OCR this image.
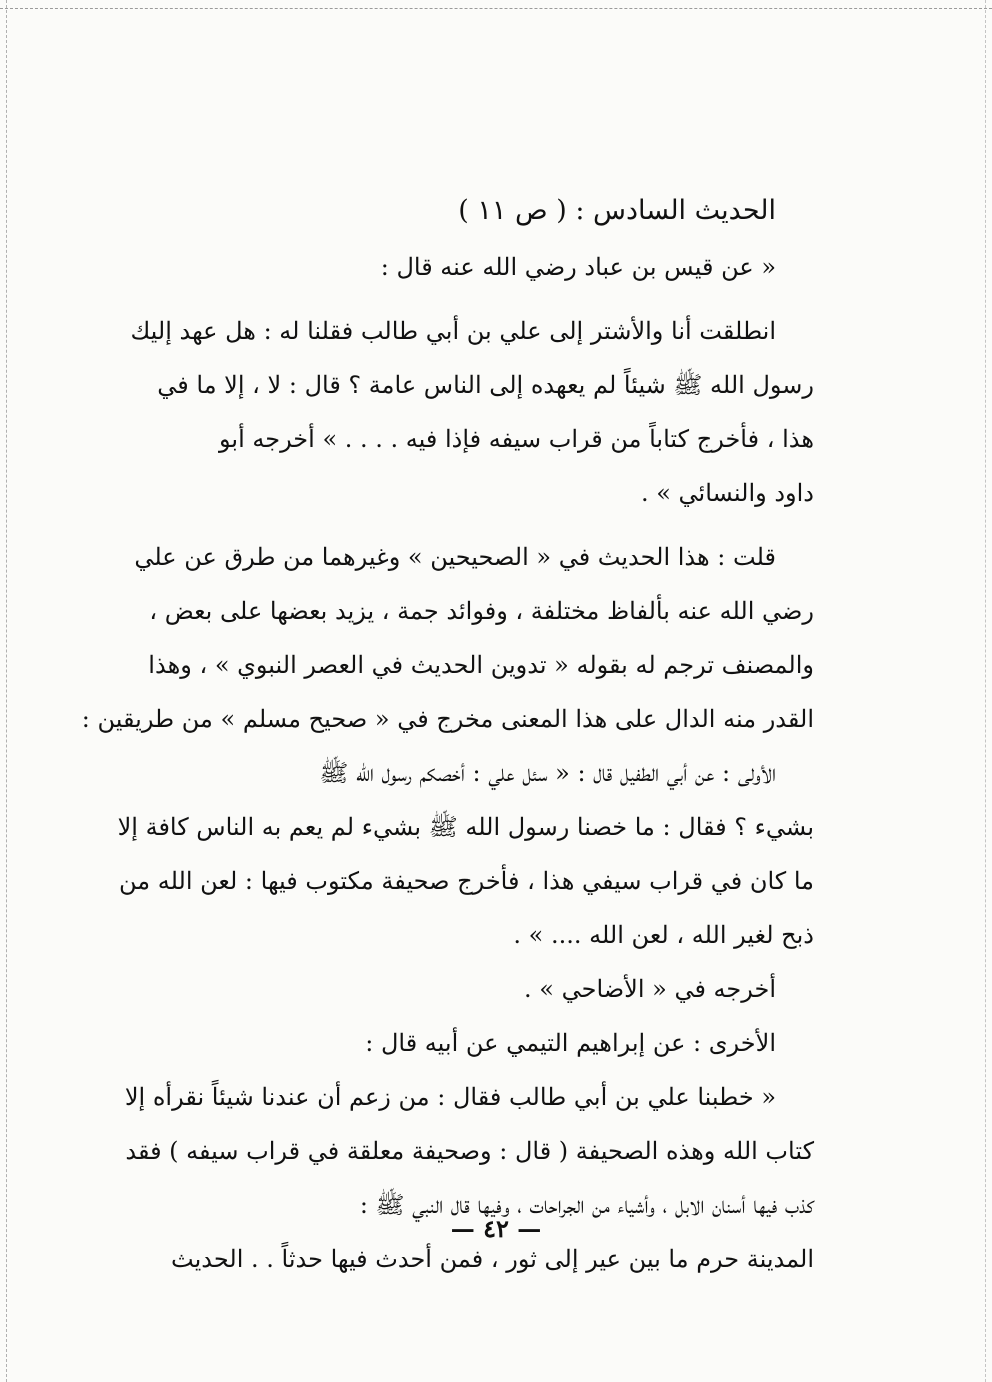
الحديث السادس : ( ص ١١ )
« عن قيس بن عباد رضي الله عنه قال :
انطلقت أنا والأشتر إلى علي بن أبي طالب فقلنا له : هل عهد إليك
رسول الله ﷺ شيئاً لم يعهده إلى الناس عامة ؟ قال : لا ، إلا ما في
هذا ، فأخرج كتاباً من قراب سيفه فإذا فيه . . . . » أخرجه أبو
داود والنسائي » .
قلت : هذا الحديث في « الصحيحين » وغيرهما من طرق عن علي
رضي الله عنه بألفاظ مختلفة ، وفوائد جمة ، يزيد بعضها على بعض ،
والمصنف ترجم له بقوله « تدوين الحديث في العصر النبوي » ، وهذا
القدر منه الدال على هذا المعنى مخرج في « صحيح مسلم » من طريقين :
الأولى : عن أبي الطفيل قال : « سئل علي : أخصكم رسول الله ﷺ
بشيء ؟ فقال : ما خصنا رسول الله ﷺ بشيء لم يعم به الناس كافة إلا
ما كان في قراب سيفي هذا ، فأخرج صحيفة مكتوب فيها : لعن الله من
ذبح لغير الله ، لعن الله .... » .
أخرجه في « الأضاحي » .
الأخرى : عن إبراهيم التيمي عن أبيه قال :
« خطبنا علي بن أبي طالب فقال : من زعم أن عندنا شيئاً نقرأه إلا
كتاب الله وهذه الصحيفة ( قال : وصحيفة معلقة في قراب سيفه ) فقد
كذب فيها أسنان الابل ، وأشياء من الجراحات ، وفيها قال النبي ﷺ :
المدينة حرم ما بين عير إلى ثور ، فمن أحدث فيها حدثاً . . الحديث
— ٤٢ —
